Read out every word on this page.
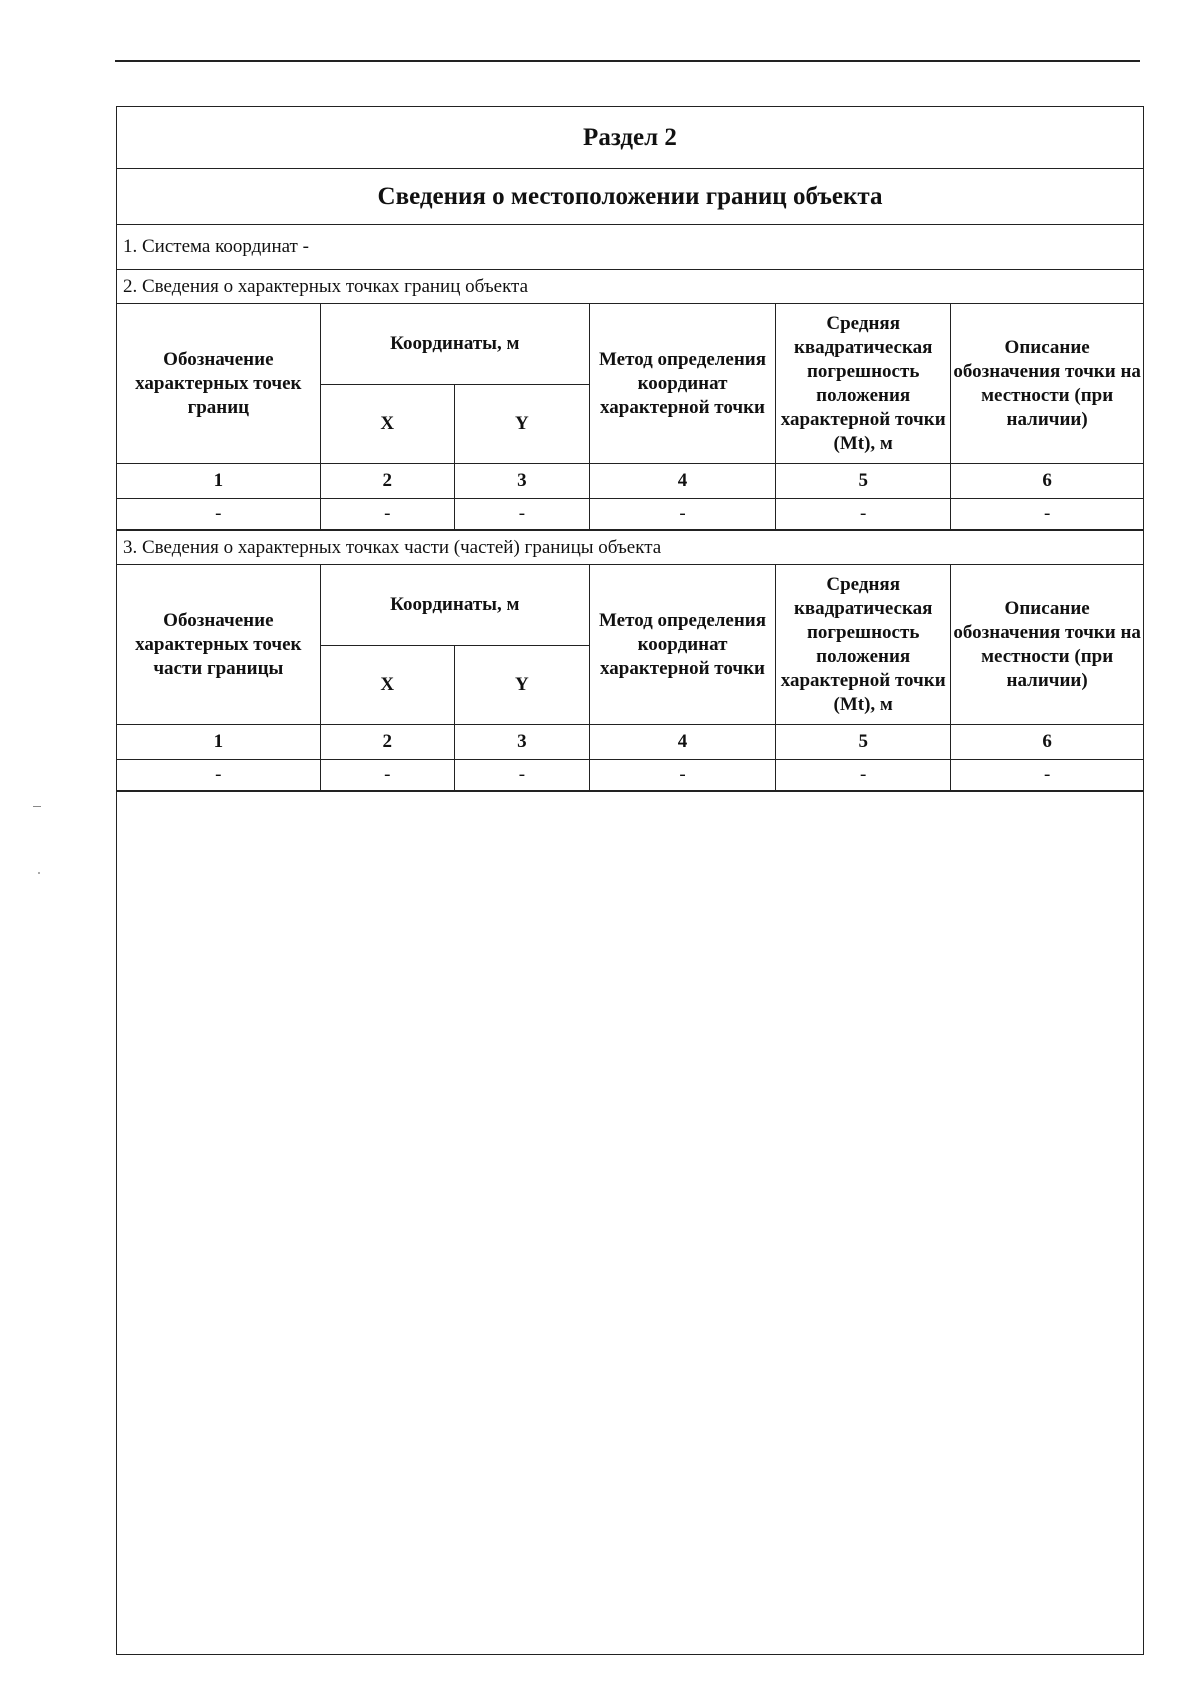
Раздел 2
Сведения о местоположении границ объекта
1. Система координат -
2. Сведения о характерных точках границ объекта
Обозначение характерных точек границ	Координаты, м		Метод определения координат характерной точки	Средняя квадратическая погрешность положения характерной точки (Mt), м	Описание обозначения точки на местности (при наличии)
	X	Y			
1	2	3	4	5	6
-	-	-	-	-	-
3. Сведения о характерных точках части (частей) границы объекта
Обозначение характерных точек части границы	Координаты, м		Метод определения координат характерной точки	Средняя квадратическая погрешность положения характерной точки (Mt), м	Описание обозначения точки на местности (при наличии)
	X	Y			
1	2	3	4	5	6
-	-	-	-	-	-
